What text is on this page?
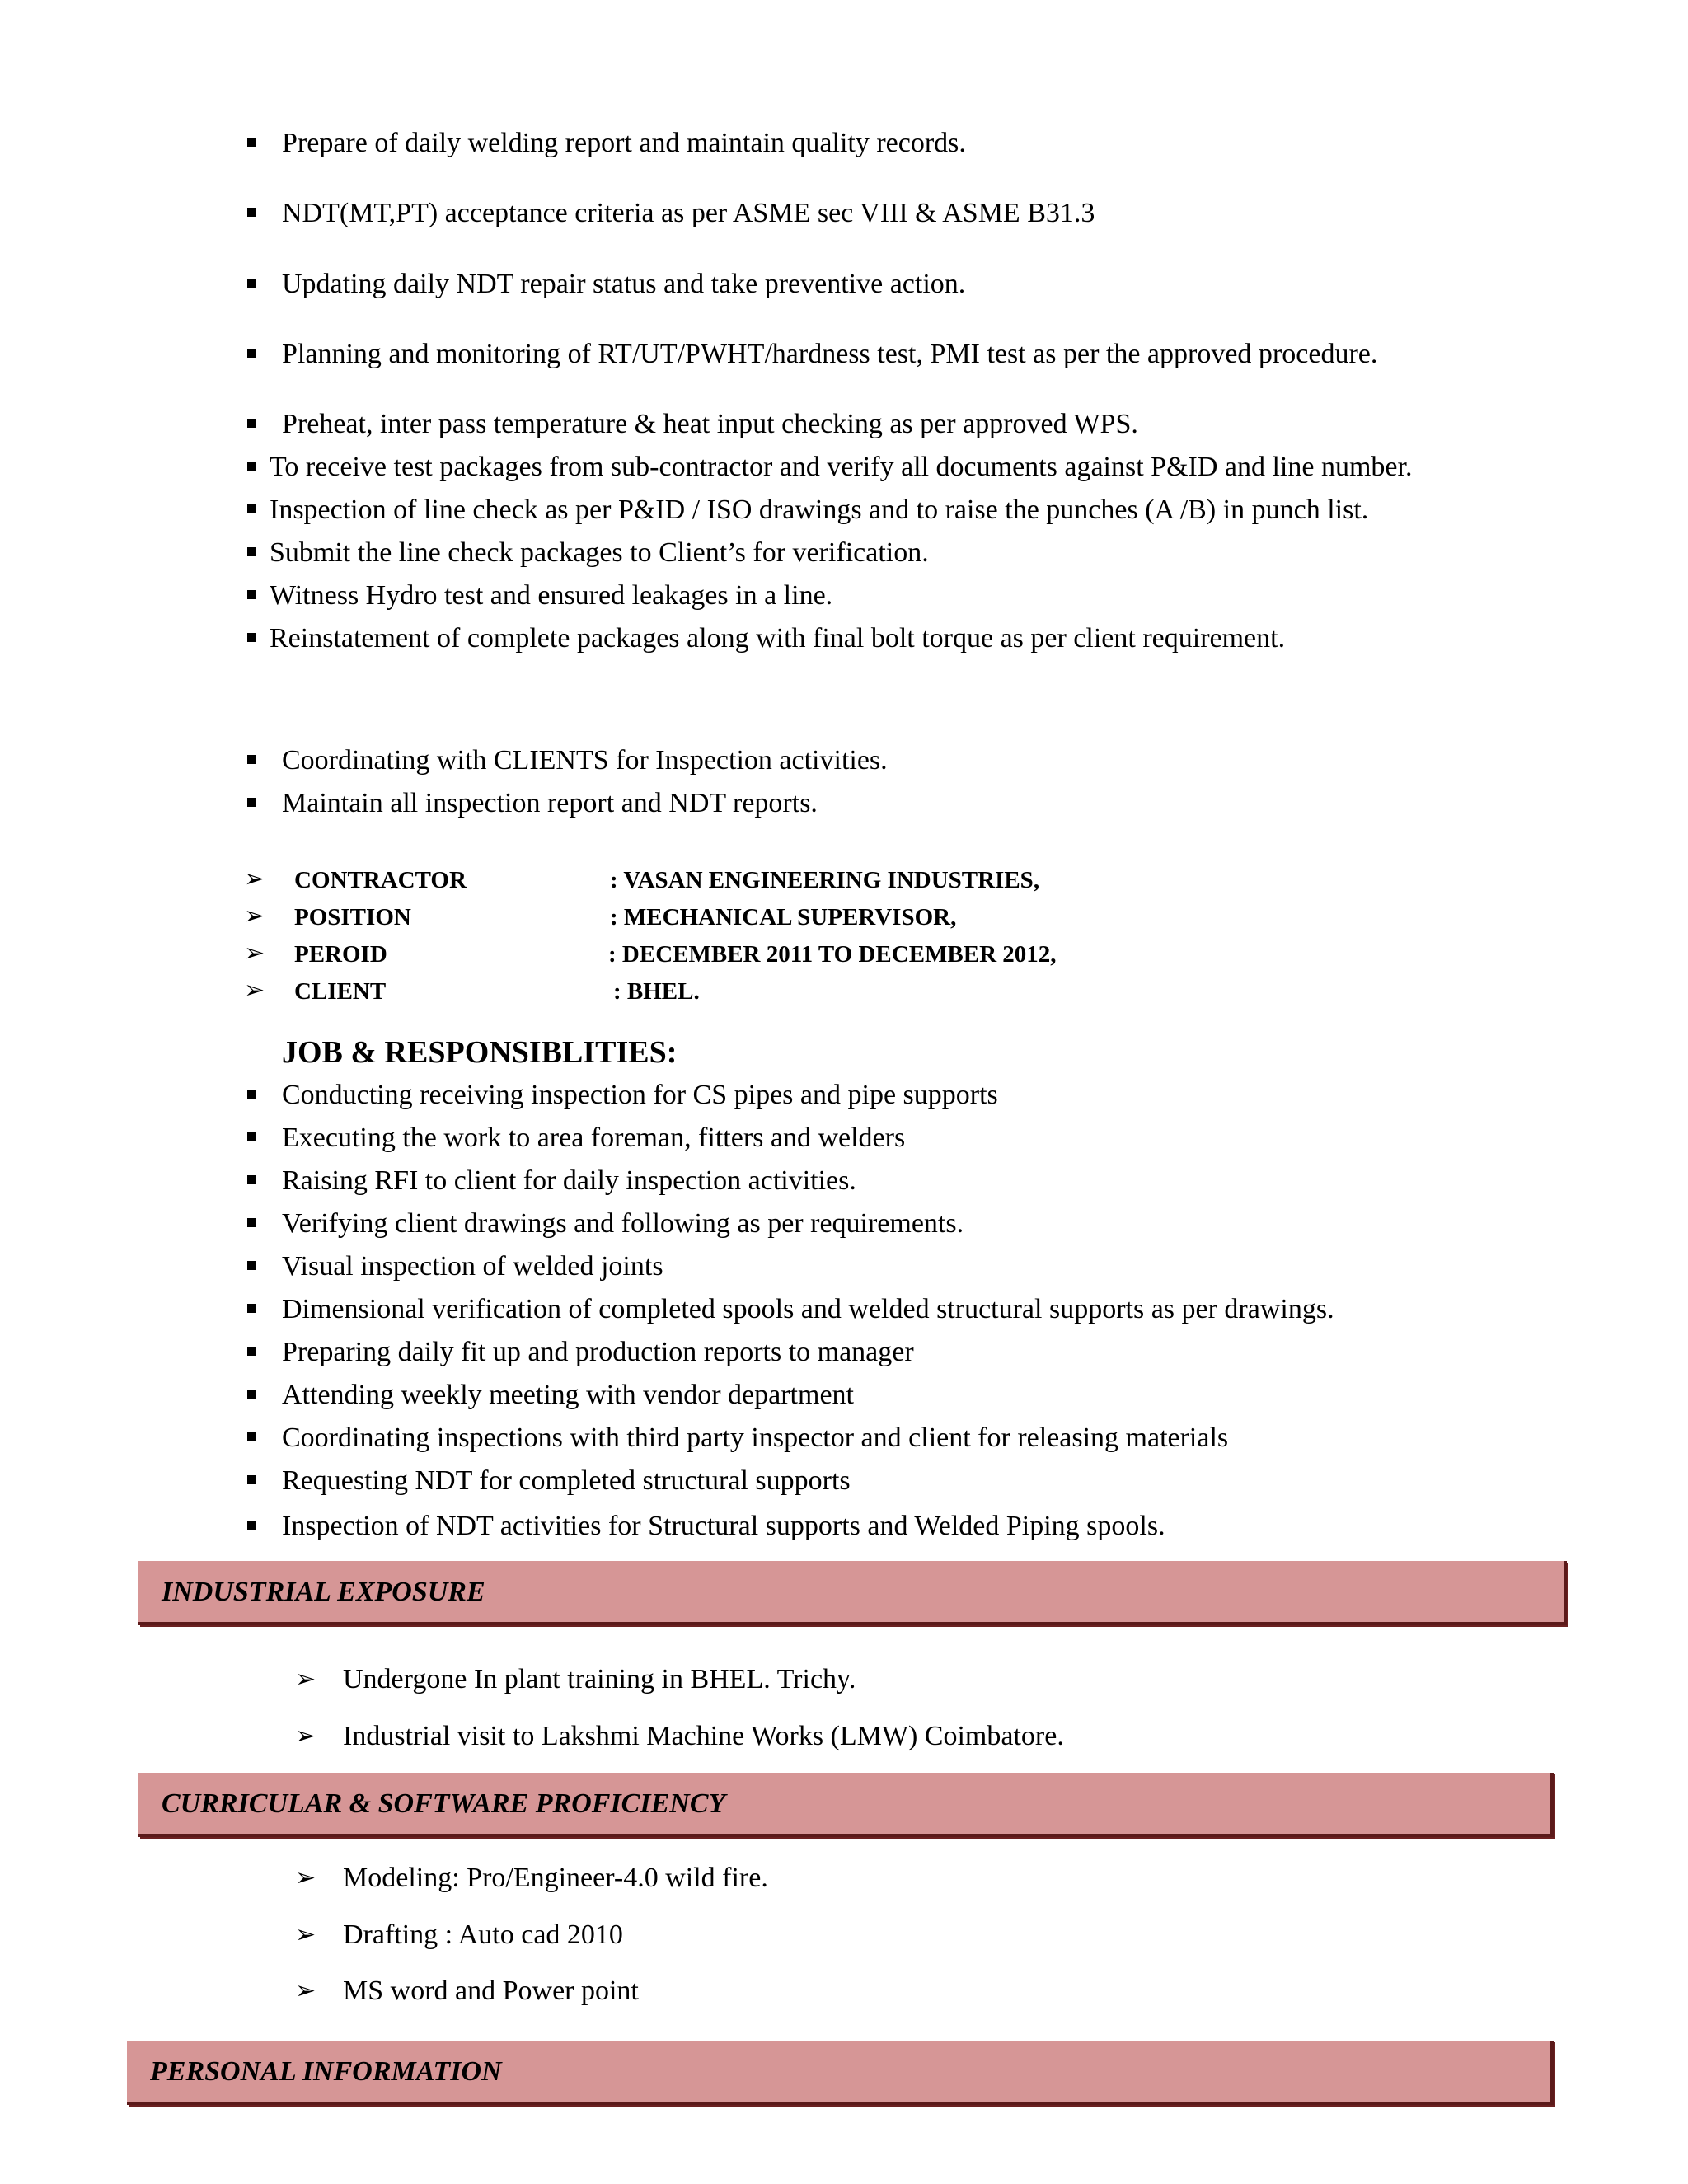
Prepare of daily welding report and maintain quality records.
NDT(MT,PT) acceptance criteria as per ASME sec VIII & ASME B31.3
Updating daily NDT repair status and take preventive action.
Planning and monitoring of RT/UT/PWHT/hardness test, PMI test as per the approved procedure.
Preheat, inter pass temperature & heat input checking as per approved WPS.
To receive test packages from sub-contractor and verify all documents against P&ID and line number.
Inspection of line check as per P&ID / ISO drawings and to raise the punches (A /B) in punch list.
Submit the line check packages to Client’s for verification.
Witness Hydro test and ensured leakages in a line.
Reinstatement of complete packages along with final bolt torque as per client requirement.
Coordinating with CLIENTS for Inspection activities.
Maintain all inspection report and NDT reports.
➢ CONTRACTOR	: VASAN ENGINEERING INDUSTRIES,
➢ POSITION	: MECHANICAL SUPERVISOR,
➢ PEROID	: DECEMBER 2011 TO DECEMBER 2012,
➢ CLIENT	: BHEL.
JOB & RESPONSIBLITIES:
Conducting receiving inspection for CS pipes and pipe supports
Executing the work to area foreman, fitters and welders
Raising RFI to client for daily inspection activities.
Verifying client drawings and following as per requirements.
Visual inspection of welded joints
Dimensional verification of completed spools and welded structural supports as per drawings.
Preparing daily fit up and production reports to manager
Attending weekly meeting with vendor department
Coordinating inspections with third party inspector and client for releasing materials
Requesting NDT for completed structural supports
Inspection of NDT activities for Structural supports and Welded Piping spools.
INDUSTRIAL EXPOSURE
➢ Undergone In plant training in BHEL. Trichy.
➢ Industrial visit to Lakshmi Machine Works (LMW) Coimbatore.
CURRICULAR & SOFTWARE PROFICIENCY
➢ Modeling: Pro/Engineer-4.0 wild fire.
➢ Drafting : Auto cad 2010
➢ MS word and Power point
PERSONAL INFORMATION
